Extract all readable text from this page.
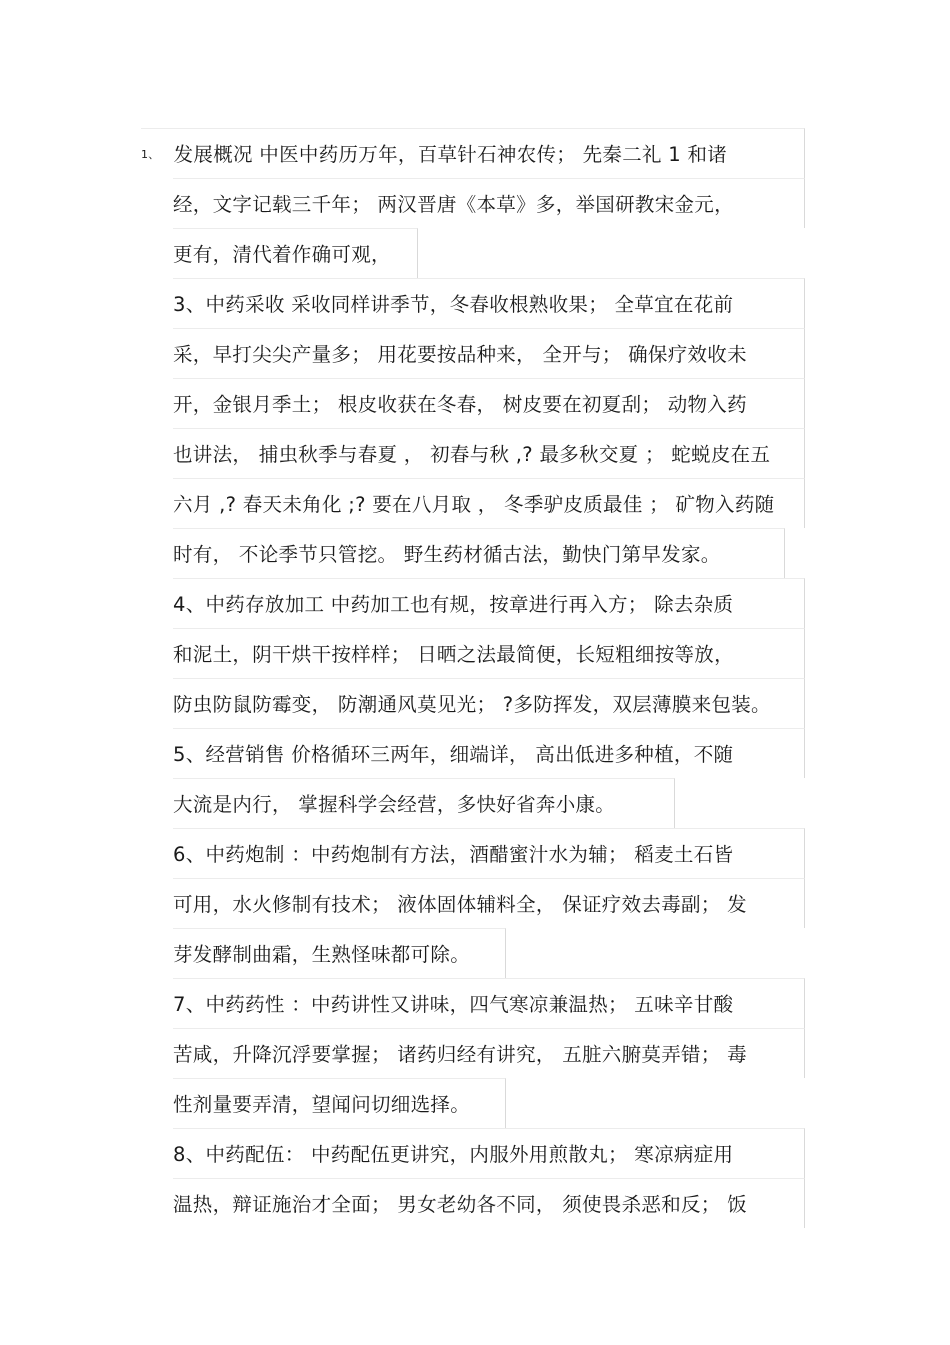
1、 发展概况 中医中药历万年，百草针石神农传； 先秦二礼 1 和诸
经，文字记载三千年； 两汉晋唐《本草》多，举国研教宋金元，
更有，清代着作确可观，
3、中药采收 采收同样讲季节，冬春收根熟收果； 全草宜在花前
采，早打尖尖产量多； 用花要按品种来， 全开与； 确保疗效收未
开，金银月季土； 根皮收获在冬春， 树皮要在初夏刮； 动物入药
也讲法， 捕虫秋季与春夏 ， 初春与秋 ,? 最多秋交夏 ； 蛇蜕皮在五
六月 ,? 春天未角化 ;? 要在八月取 ， 冬季驴皮质最佳 ； 矿物入药随
时有， 不论季节只管挖。 野生药材循古法，勤快门第早发家。
4、中药存放加工 中药加工也有规，按章进行再入方； 除去杂质
和泥土，阴干烘干按样样； 日晒之法最简便，长短粗细按等放，
防虫防鼠防霉变， 防潮通风莫见光； ?多防挥发，双层薄膜来包装。
5、经营销售 价格循环三两年，细端详， 高出低进多种植，不随
大流是内行， 掌握科学会经营，多快好省奔小康。
6、中药炮制 ：中药炮制有方法，酒醋蜜汁水为辅； 稻麦土石皆
可用，水火修制有技术； 液体固体辅料全， 保证疗效去毒副； 发
芽发酵制曲霜，生熟怪味都可除。
7、中药药性 ：中药讲性又讲味，四气寒凉兼温热； 五味辛甘酸
苦咸，升降沉浮要掌握； 诸药归经有讲究， 五脏六腑莫弄错； 毒
性剂量要弄清，望闻问切细选择。
8、中药配伍： 中药配伍更讲究，内服外用煎散丸； 寒凉病症用
温热，辩证施治才全面； 男女老幼各不同， 须使畏杀恶和反； 饭
